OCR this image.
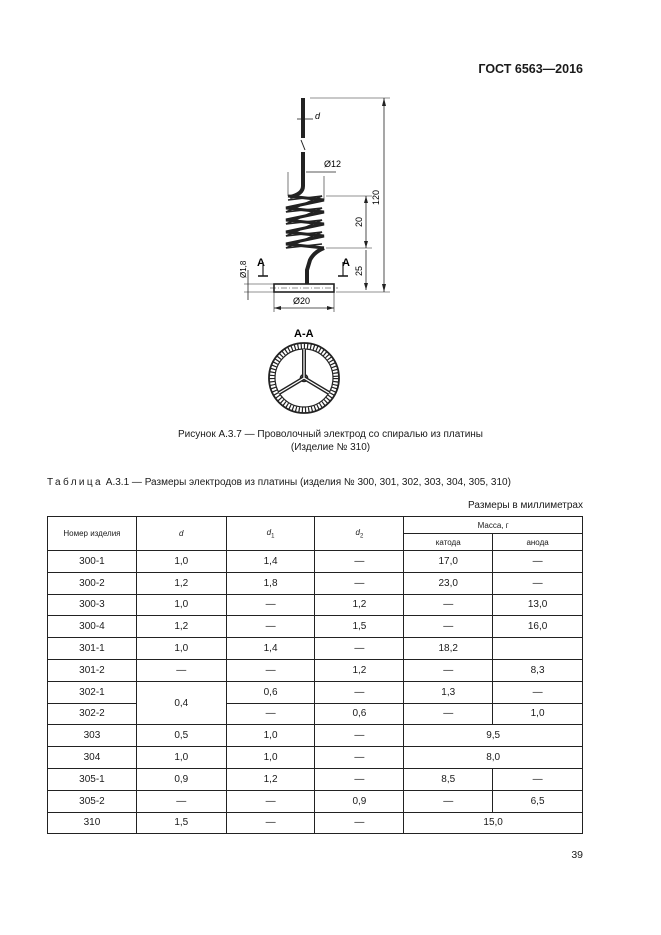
ГОСТ 6563—2016
d
Ø12
120
20
25
A	A
Ø1,8
Ø20
A-A
Рисунок А.3.7 — Проволочный электрод со спиралью из платины
(Изделие № 310)
Таблица А.3.1 — Размеры электродов из платины (изделия № 300, 301, 302, 303, 304, 305, 310)
Размеры в миллиметрах
Номер изделия	d	$d_1$	$d_2$	Масса, г	
				катода	анода
300-1	1,0	1,4	—	17,0	—
300-2	1,2	1,8	—	23,0	—
300-3	1,0	—	1,2	—	13,0
300-4	1,2	—	1,5	—	16,0
301-1	1,0	1,4	—	18,2	
301-2	—	—	1,2	—	8,3
302-1	0,4	0,6	—	1,3	—
302-2		—	0,6	—	1,0
303	0,5	1,0	—	9,5	
304	1,0	1,0	—	8,0	
305-1	0,9	1,2	—	8,5	—
305-2	—	—	0,9	—	6,5
310	1,5	—	—	15,0	
39
